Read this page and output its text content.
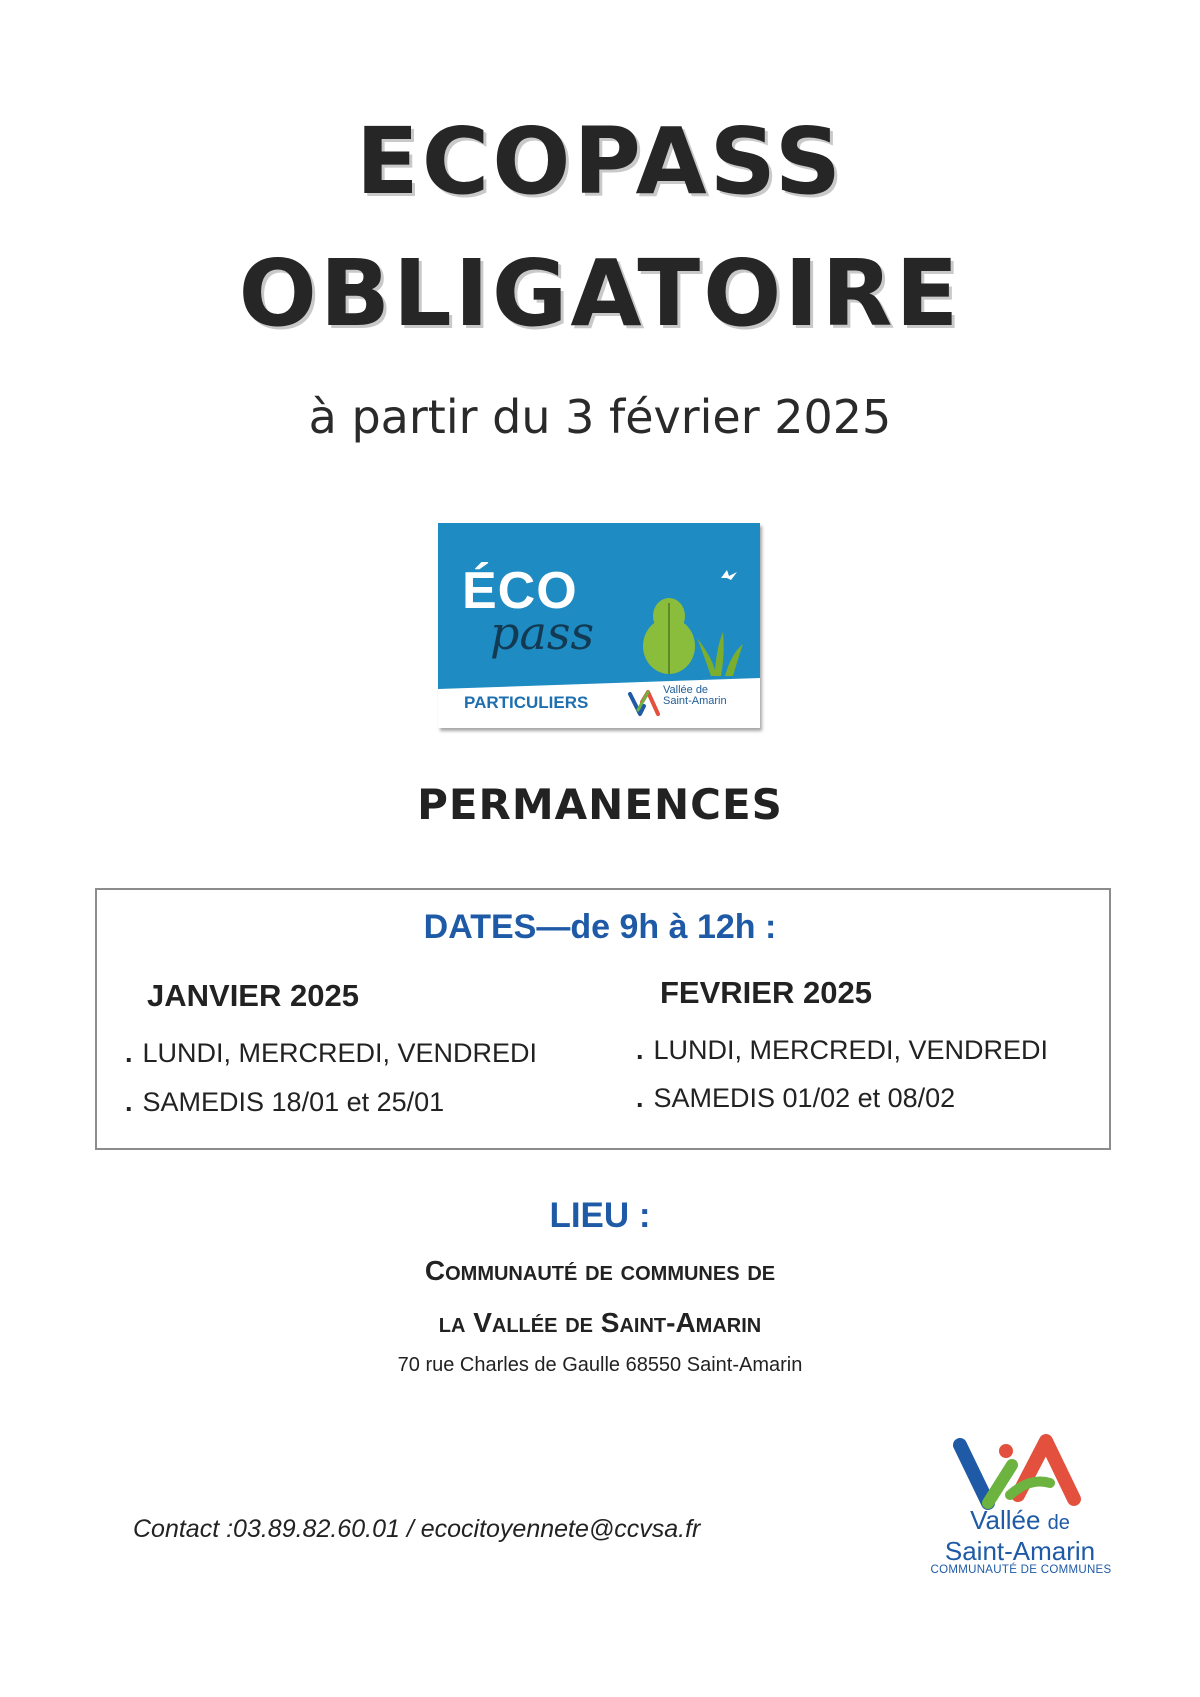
ECOPASS
OBLIGATOIRE
à partir du 3 février 2025
ÉCO
pass
PARTICULIERS
Vallée de
Saint-Amarin
PERMANENCES
DATES—de 9h à 12h :
JANVIER 2025	FEVRIER 2025
. LUNDI, MERCREDI, VENDREDI
. SAMEDIS 18/01 et 25/01
. LUNDI, MERCREDI, VENDREDI
. SAMEDIS 01/02 et 08/02
LIEU :
Communauté de communes de
la Vallée de Saint-Amarin
70 rue Charles de Gaulle 68550 Saint-Amarin
Contact :03.89.82.60.01 / ecocitoyennete@ccvsa.fr	Vallée de
Saint-Amarin
COMMUNAUTÉ DE COMMUNES
